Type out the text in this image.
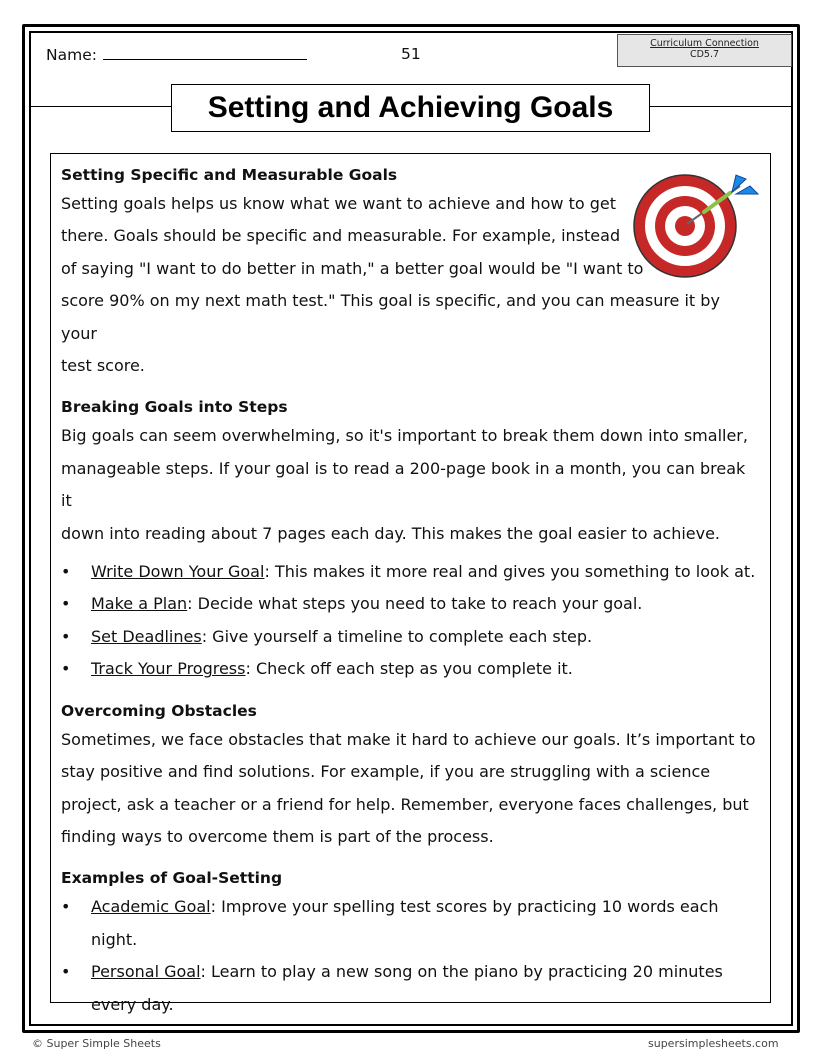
Name:	51
Curriculum Connection
CD5.7
Setting and Achieving Goals

Setting Specific and Measurable Goals

Setting goals helps us know what we want to achieve and how to get

there. Goals should be specific and measurable. For example, instead

of saying "I want to do better in math," a better goal would be "I want to

score 90% on my next math test." This goal is specific, and you can measure it by your

test score.

Breaking Goals into Steps

Big goals can seem overwhelming, so it's important to break them down into smaller,

manageable steps. If your goal is to read a 200-page book in a month, you can break it

down into reading about 7 pages each day. This makes the goal easier to achieve.

• Write Down Your Goal: This makes it more real and gives you something to look at.
• Make a Plan: Decide what steps you need to take to reach your goal.
• Set Deadlines: Give yourself a timeline to complete each step.
• Track Your Progress: Check off each step as you complete it.

Overcoming Obstacles

Sometimes, we face obstacles that make it hard to achieve our goals. It’s important to

stay positive and find solutions. For example, if you are struggling with a science

project, ask a teacher or a friend for help. Remember, everyone faces challenges, but

finding ways to overcome them is part of the process.

Examples of Goal-Setting

• Academic Goal: Improve your spelling test scores by practicing 10 words each
night.
• Personal Goal: Learn to play a new song on the piano by practicing 20 minutes
every day.
© Super Simple Sheets	supersimplesheets.com
